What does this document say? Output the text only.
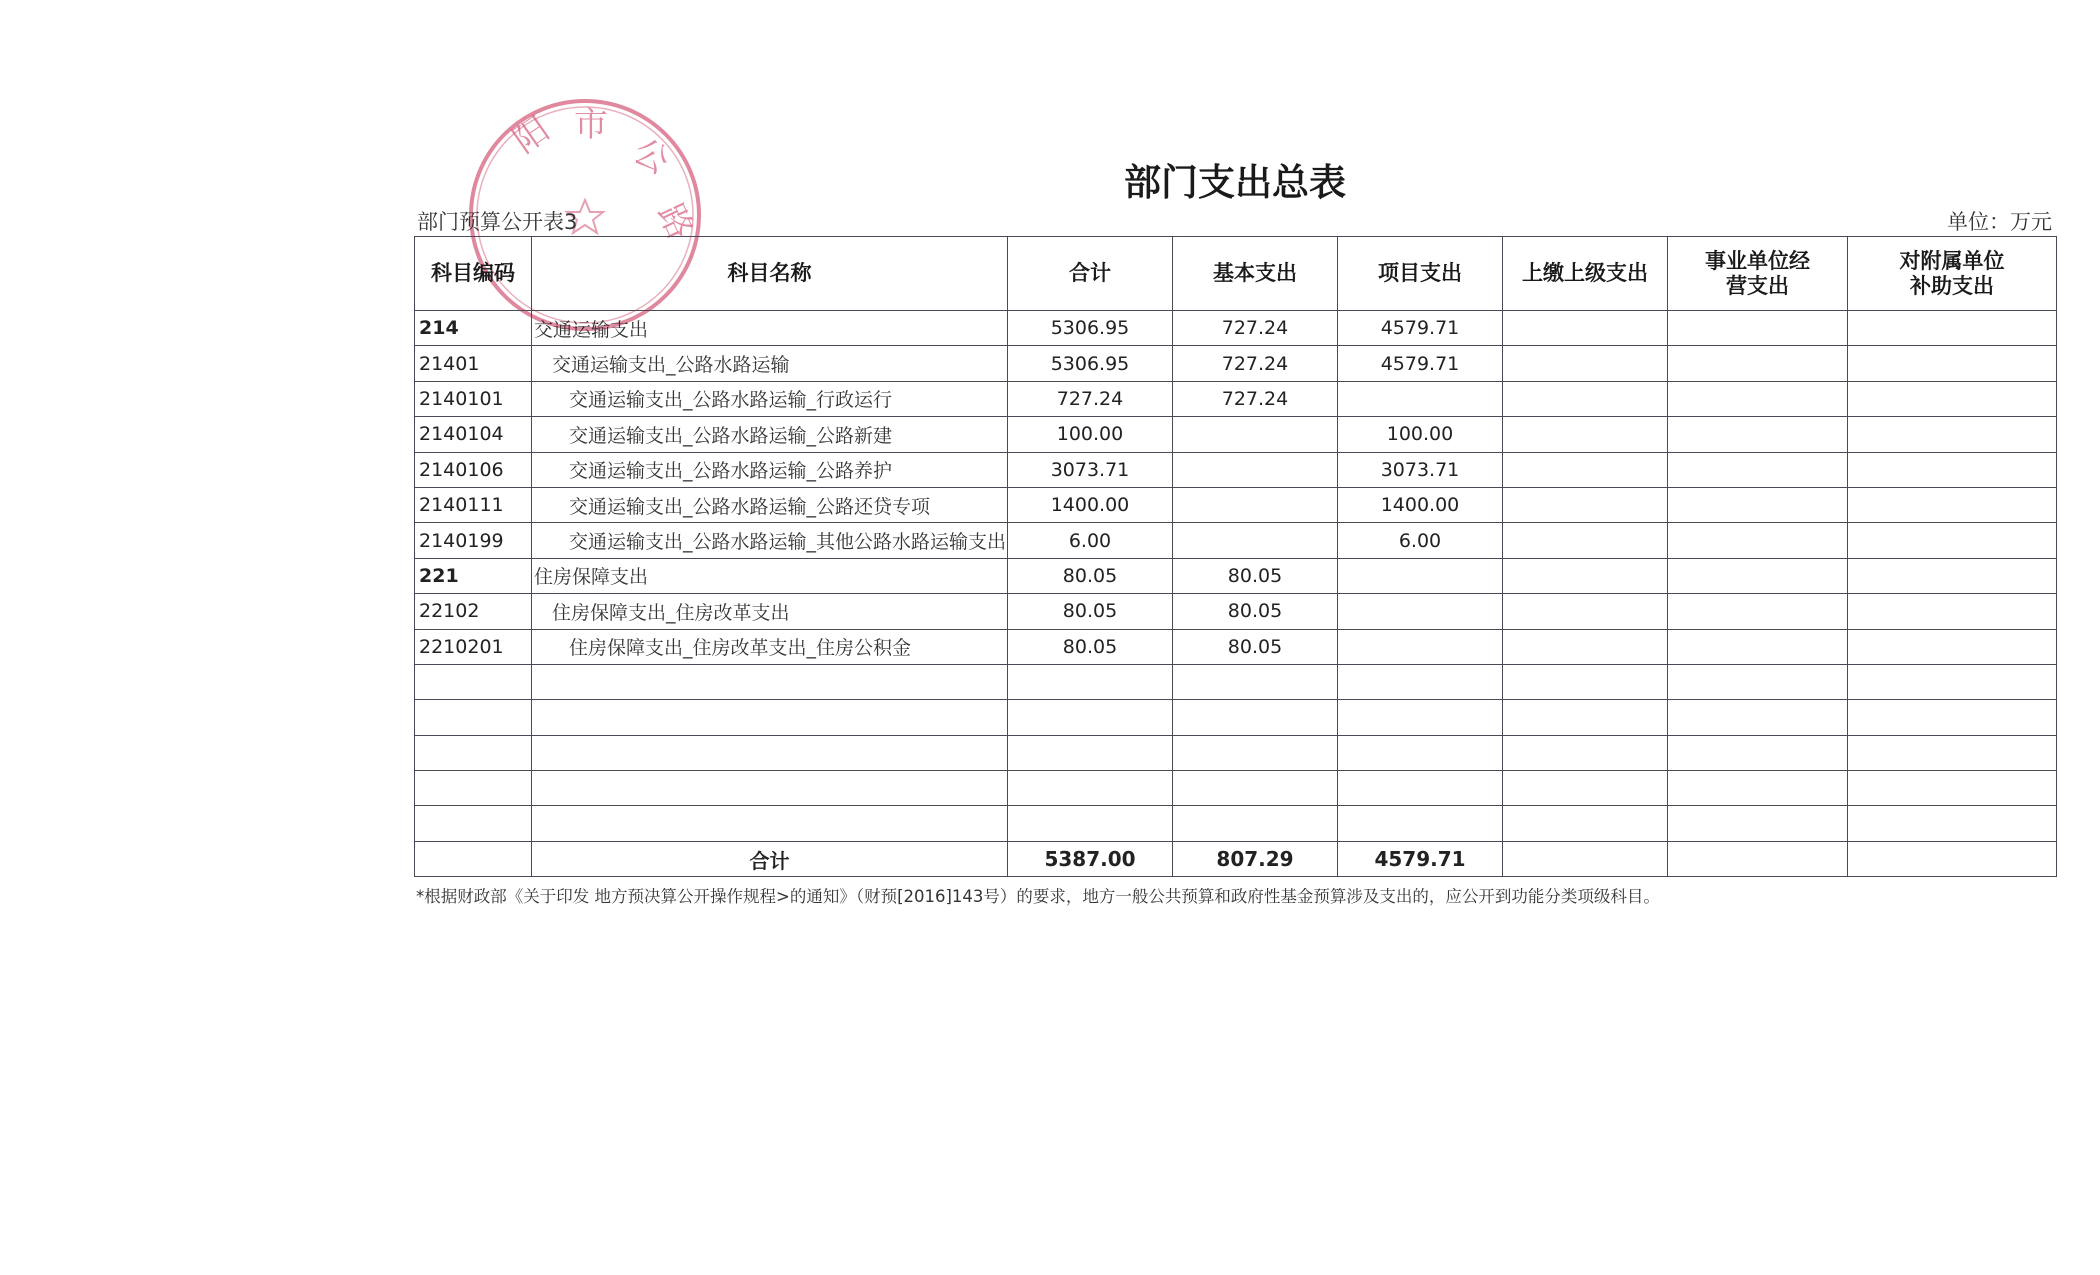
阳 市
公
路
部门支出总表
部门预算公开表3	单位：万元
科目编码	科目名称	合计	基本支出	项目支出	上缴上级支出	事业单位经营支出	对附属单位补助支出
214	交通运输支出	5306.95	727.24	4579.71			
21401	交通运输支出_公路水路运输	5306.95	727.24	4579.71			
2140101	交通运输支出_公路水路运输_行政运行	727.24	727.24				
2140104	交通运输支出_公路水路运输_公路新建	100.00		100.00			
2140106	交通运输支出_公路水路运输_公路养护	3073.71		3073.71			
2140111	交通运输支出_公路水路运输_公路还贷专项	1400.00		1400.00			
2140199	交通运输支出_公路水路运输_其他公路水路运输支出	6.00		6.00			
221	住房保障支出	80.05	80.05				
22102	住房保障支出_住房改革支出	80.05	80.05				
2210201	住房保障支出_住房改革支出_住房公积金	80.05	80.05				

	合计	5387.00	807.29	4579.71			
*根据财政部《关于印发 地方预决算公开操作规程>的通知》（财预[2016]143号）的要求，地方一般公共预算和政府性基金预算涉及支出的，应公开到功能分类项级科目。
